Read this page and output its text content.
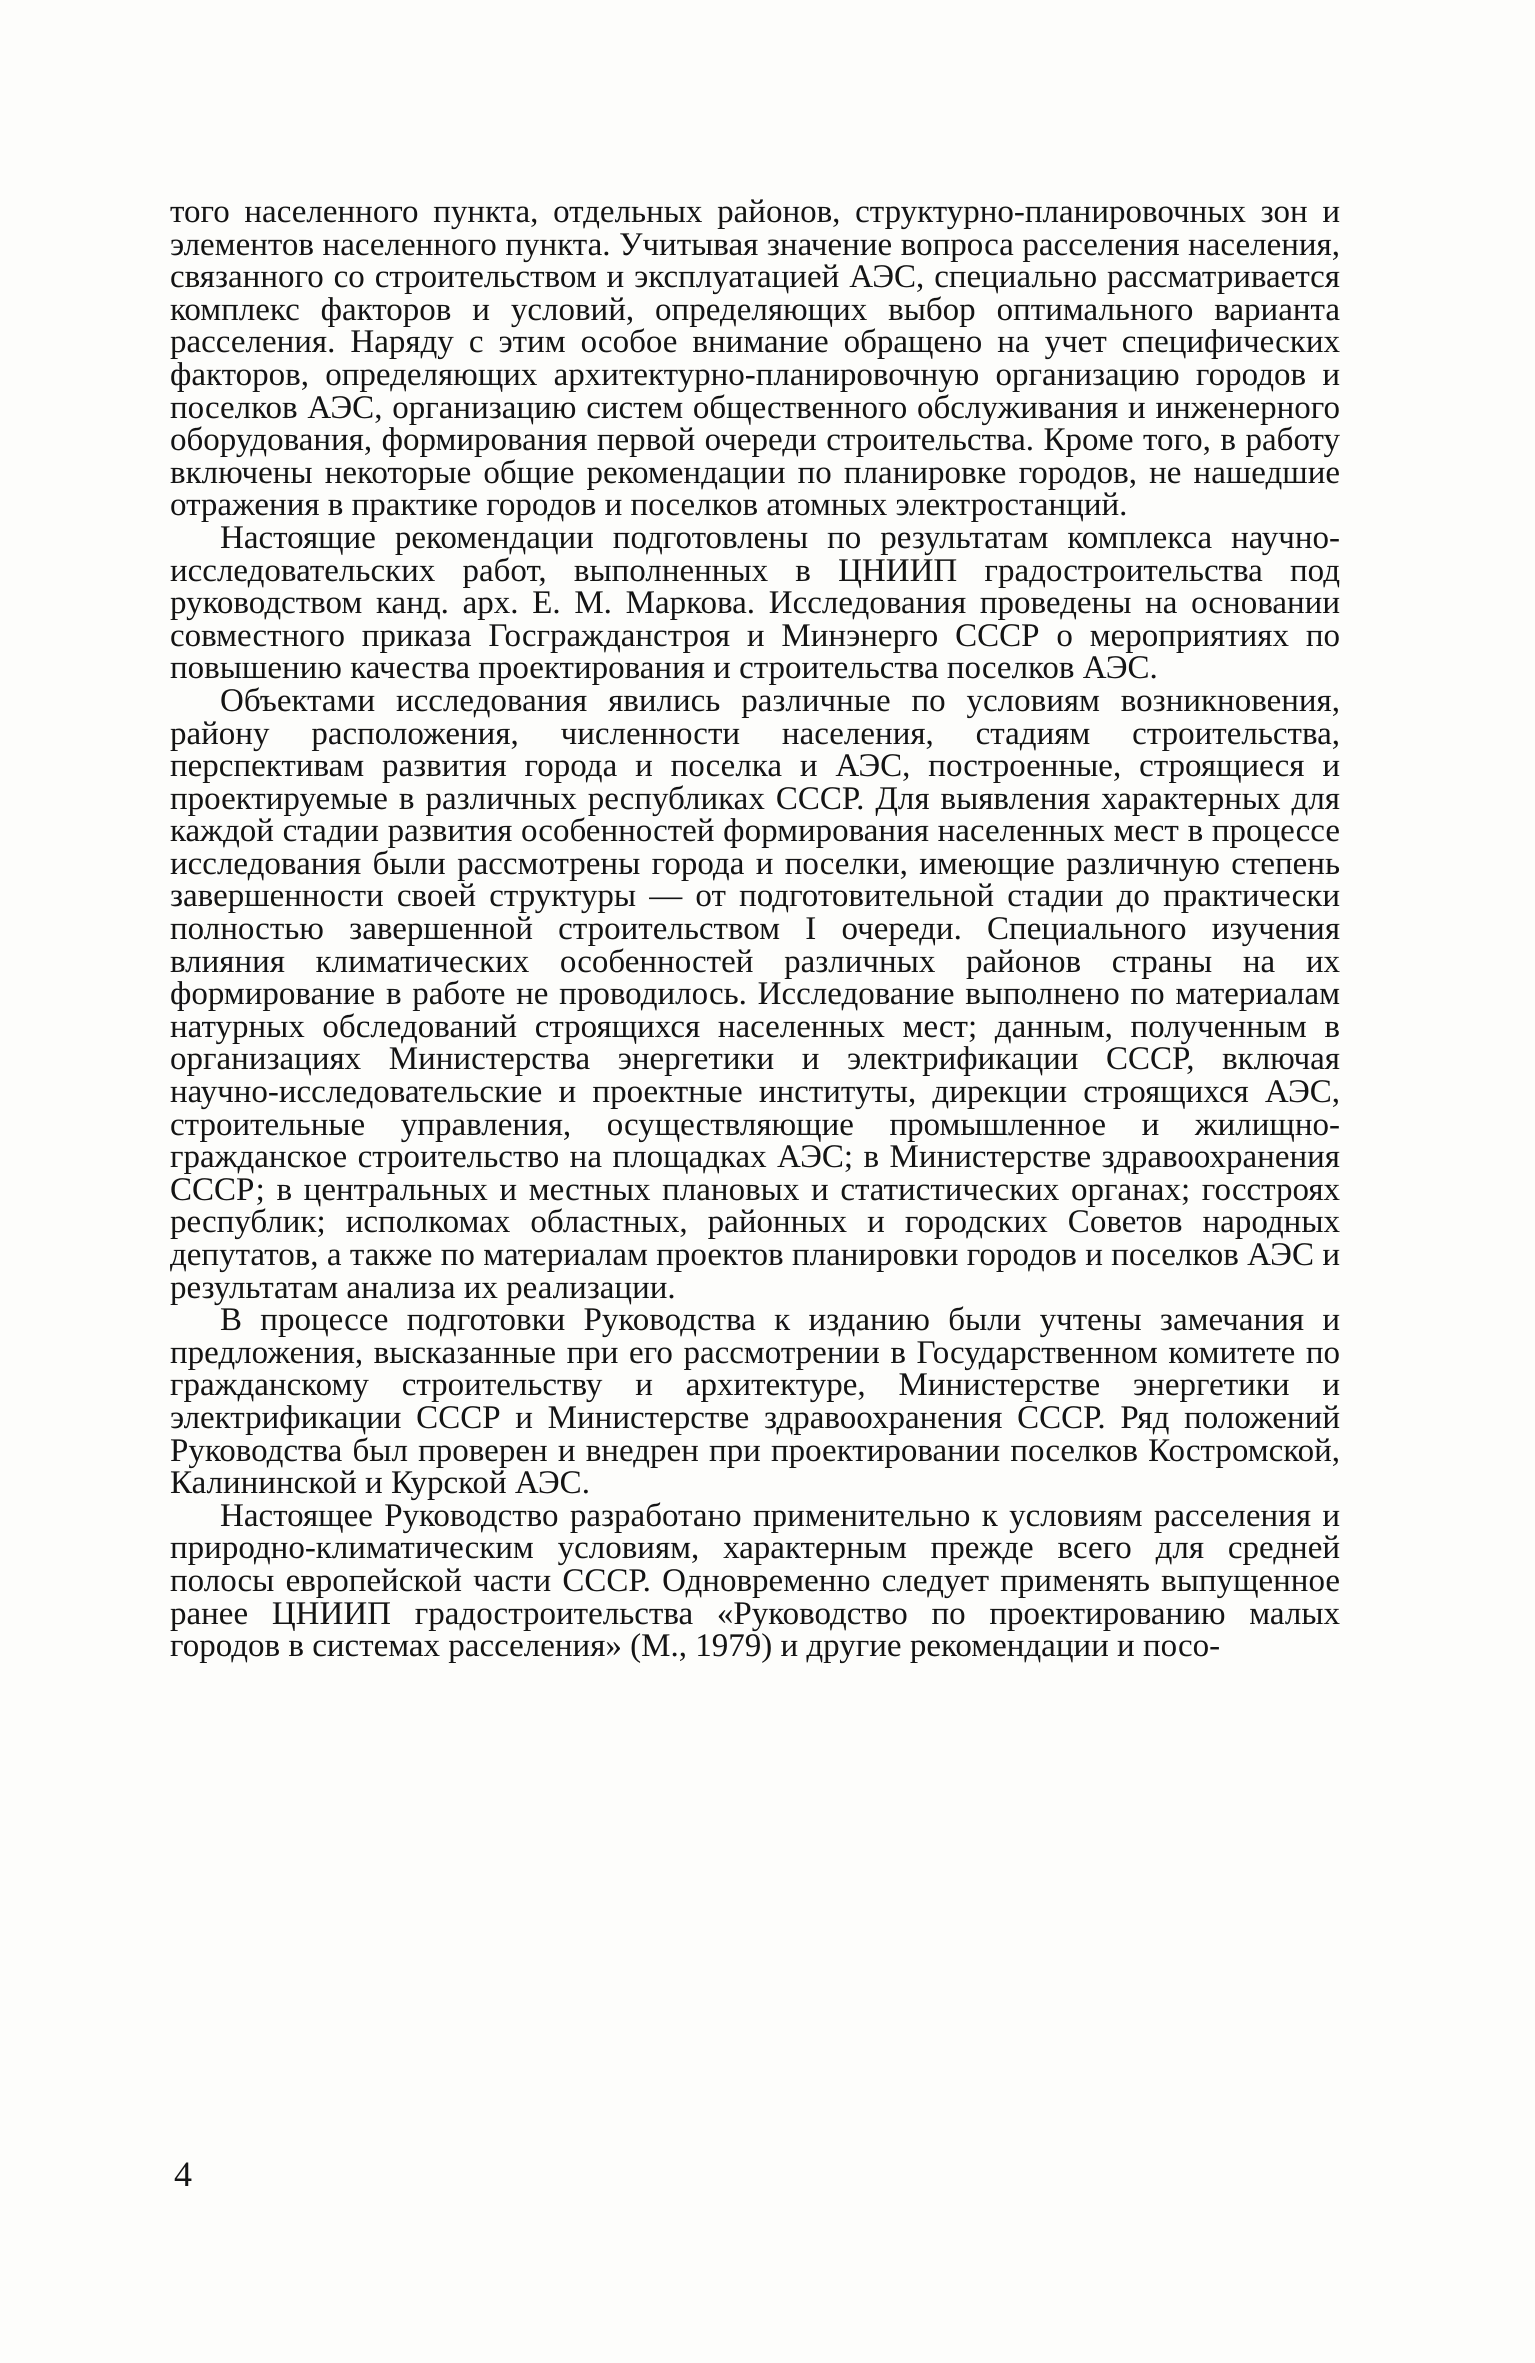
того населенного пункта, отдельных районов, структурно-планировочных зон и элементов населенного пункта. Учитывая значение вопроса расселения населения, связанного со строительством и эксплуатацией АЭС, специально рассматривается комплекс факторов и условий, определяющих выбор оптимального варианта расселения. Наряду с этим особое внимание обращено на учет специфических факторов, определяющих архитектурно-планировочную организацию городов и поселков АЭС, организацию систем общественного обслуживания и инженерного оборудования, формирования первой очереди строительства. Кроме того, в работу включены некоторые общие рекомендации по планировке городов, не нашедшие отражения в практике городов и поселков атомных электростанций.

Настоящие рекомендации подготовлены по результатам комплекса научно-исследовательских работ, выполненных в ЦНИИП градостроительства под руководством канд. арх. Е. М. Маркова. Исследования проведены на основании совместного приказа Госгражданстроя и Минэнерго СССР о мероприятиях по повышению качества проектирования и строительства поселков АЭС.

Объектами исследования явились различные по условиям возникновения, району расположения, численности населения, стадиям строительства, перспективам развития города и поселка и АЭС, построенные, строящиеся и проектируемые в различных республиках СССР. Для выявления характерных для каждой стадии развития особенностей формирования населенных мест в процессе исследования были рассмотрены города и поселки, имеющие различную степень завершенности своей структуры — от подготовительной стадии до практически полностью завершенной строительством I очереди. Специального изучения влияния климатических особенностей различных районов страны на их формирование в работе не проводилось. Исследование выполнено по материалам натурных обследований строящихся населенных мест; данным, полученным в организациях Министерства энергетики и электрификации СССР, включая научно-исследовательские и проектные институты, дирекции строящихся АЭС, строительные управления, осуществляющие промышленное и жилищно-гражданское строительство на площадках АЭС; в Министерстве здравоохранения СССР; в центральных и местных плановых и статистических органах; госстроях республик; исполкомах областных, районных и городских Советов народных депутатов, а также по материалам проектов планировки городов и поселков АЭС и результатам анализа их реализации.

В процессе подготовки Руководства к изданию были учтены замечания и предложения, высказанные при его рассмотрении в Государственном комитете по гражданскому строительству и архитектуре, Министерстве энергетики и электрификации СССР и Министерстве здравоохранения СССР. Ряд положений Руководства был проверен и внедрен при проектировании поселков Костромской, Калининской и Курской АЭС.

Настоящее Руководство разработано применительно к условиям расселения и природно-климатическим условиям, характерным прежде всего для средней полосы европейской части СССР. Одновременно следует применять выпущенное ранее ЦНИИП градостроительства «Руководство по проектированию малых городов в системах расселения» (М., 1979) и другие рекомендации и посо-

4
